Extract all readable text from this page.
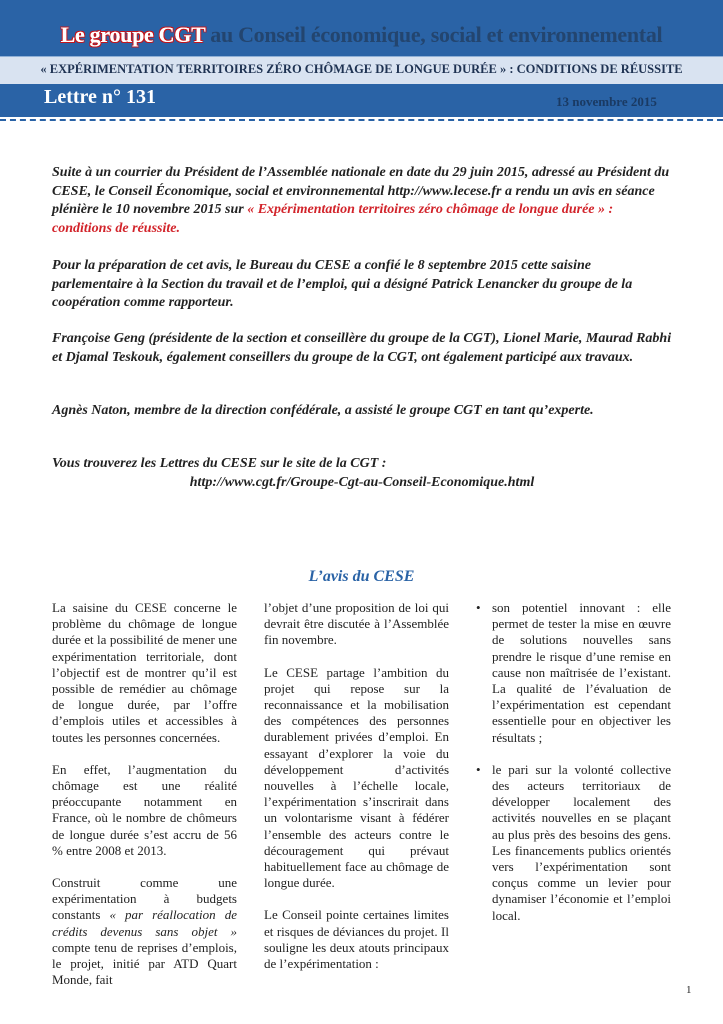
Le groupe CGT au Conseil économique, social et environnemental
« EXPÉRIMENTATION TERRITOIRES ZÉRO CHÔMAGE DE LONGUE DURÉE » : CONDITIONS DE RÉUSSITE
Lettre n° 131	13 novembre 2015
Suite à un courrier du Président de l’Assemblée nationale en date du 29 juin 2015, adressé au Président du CESE, le Conseil Économique, social et environnemental http://www.lecese.fr a rendu un avis en séance plénière le 10 novembre 2015 sur « Expérimentation territoires zéro chômage de longue durée » : conditions de réussite.
Pour la préparation de cet avis, le Bureau du CESE a confié le 8 septembre 2015 cette saisine parlementaire à la Section du travail et de l’emploi, qui a désigné Patrick Lenancker du groupe de la coopération comme rapporteur.
Françoise Geng (présidente de la section et conseillère du groupe de la CGT), Lionel Marie, Maurad Rabhi et Djamal Teskouk, également conseillers du groupe de la CGT, ont également participé aux travaux.
Agnès Naton, membre de la direction confédérale, a assisté le groupe CGT en tant qu’experte.
Vous trouverez les Lettres du CESE sur le site de la CGT :
http://www.cgt.fr/Groupe-Cgt-au-Conseil-Economique.html
L’avis du CESE

La saisine du CESE concerne le problème du chômage de longue durée et la possibilité de mener une expérimentation territoriale, dont l’objectif est de montrer qu’il est possible de remédier au chômage de longue durée, par l’offre d’emplois utiles et accessibles à toutes les personnes concernées.

En effet, l’augmentation du chômage est une réalité préoccupante notamment en France, où le nombre de chômeurs de longue durée s’est accru de 56 % entre 2008 et 2013.

Construit comme une expérimentation à budgets constants « par réallocation de crédits devenus sans objet » compte tenu de reprises d’emplois, le projet, initié par ATD Quart Monde, fait

l’objet d’une proposition de loi qui devrait être discutée à l’Assemblée fin novembre.

Le CESE partage l’ambition du projet qui repose sur la reconnaissance et la mobilisation des compétences des personnes durablement privées d’emploi. En essayant d’explorer la voie du développement d’activités nouvelles à l’échelle locale, l’expérimentation s’inscrirait dans un volontarisme visant à fédérer l’ensemble des acteurs contre le découragement qui prévaut habituellement face au chômage de longue durée.

Le Conseil pointe certaines limites et risques de déviances du projet. Il souligne les deux atouts principaux de l’expérimentation :

• son potentiel innovant : elle permet de tester la mise en œuvre de solutions nouvelles sans prendre le risque d’une remise en cause non maîtrisée de l’existant. La qualité de l’évaluation de l’expérimentation est cependant essentielle pour en objectiver les résultats ;
• le pari sur la volonté collective des acteurs territoriaux de développer localement des activités nouvelles en se plaçant au plus près des besoins des gens. Les financements publics orientés vers l’expérimentation sont conçus comme un levier pour dynamiser l’économie et l’emploi local.
1
